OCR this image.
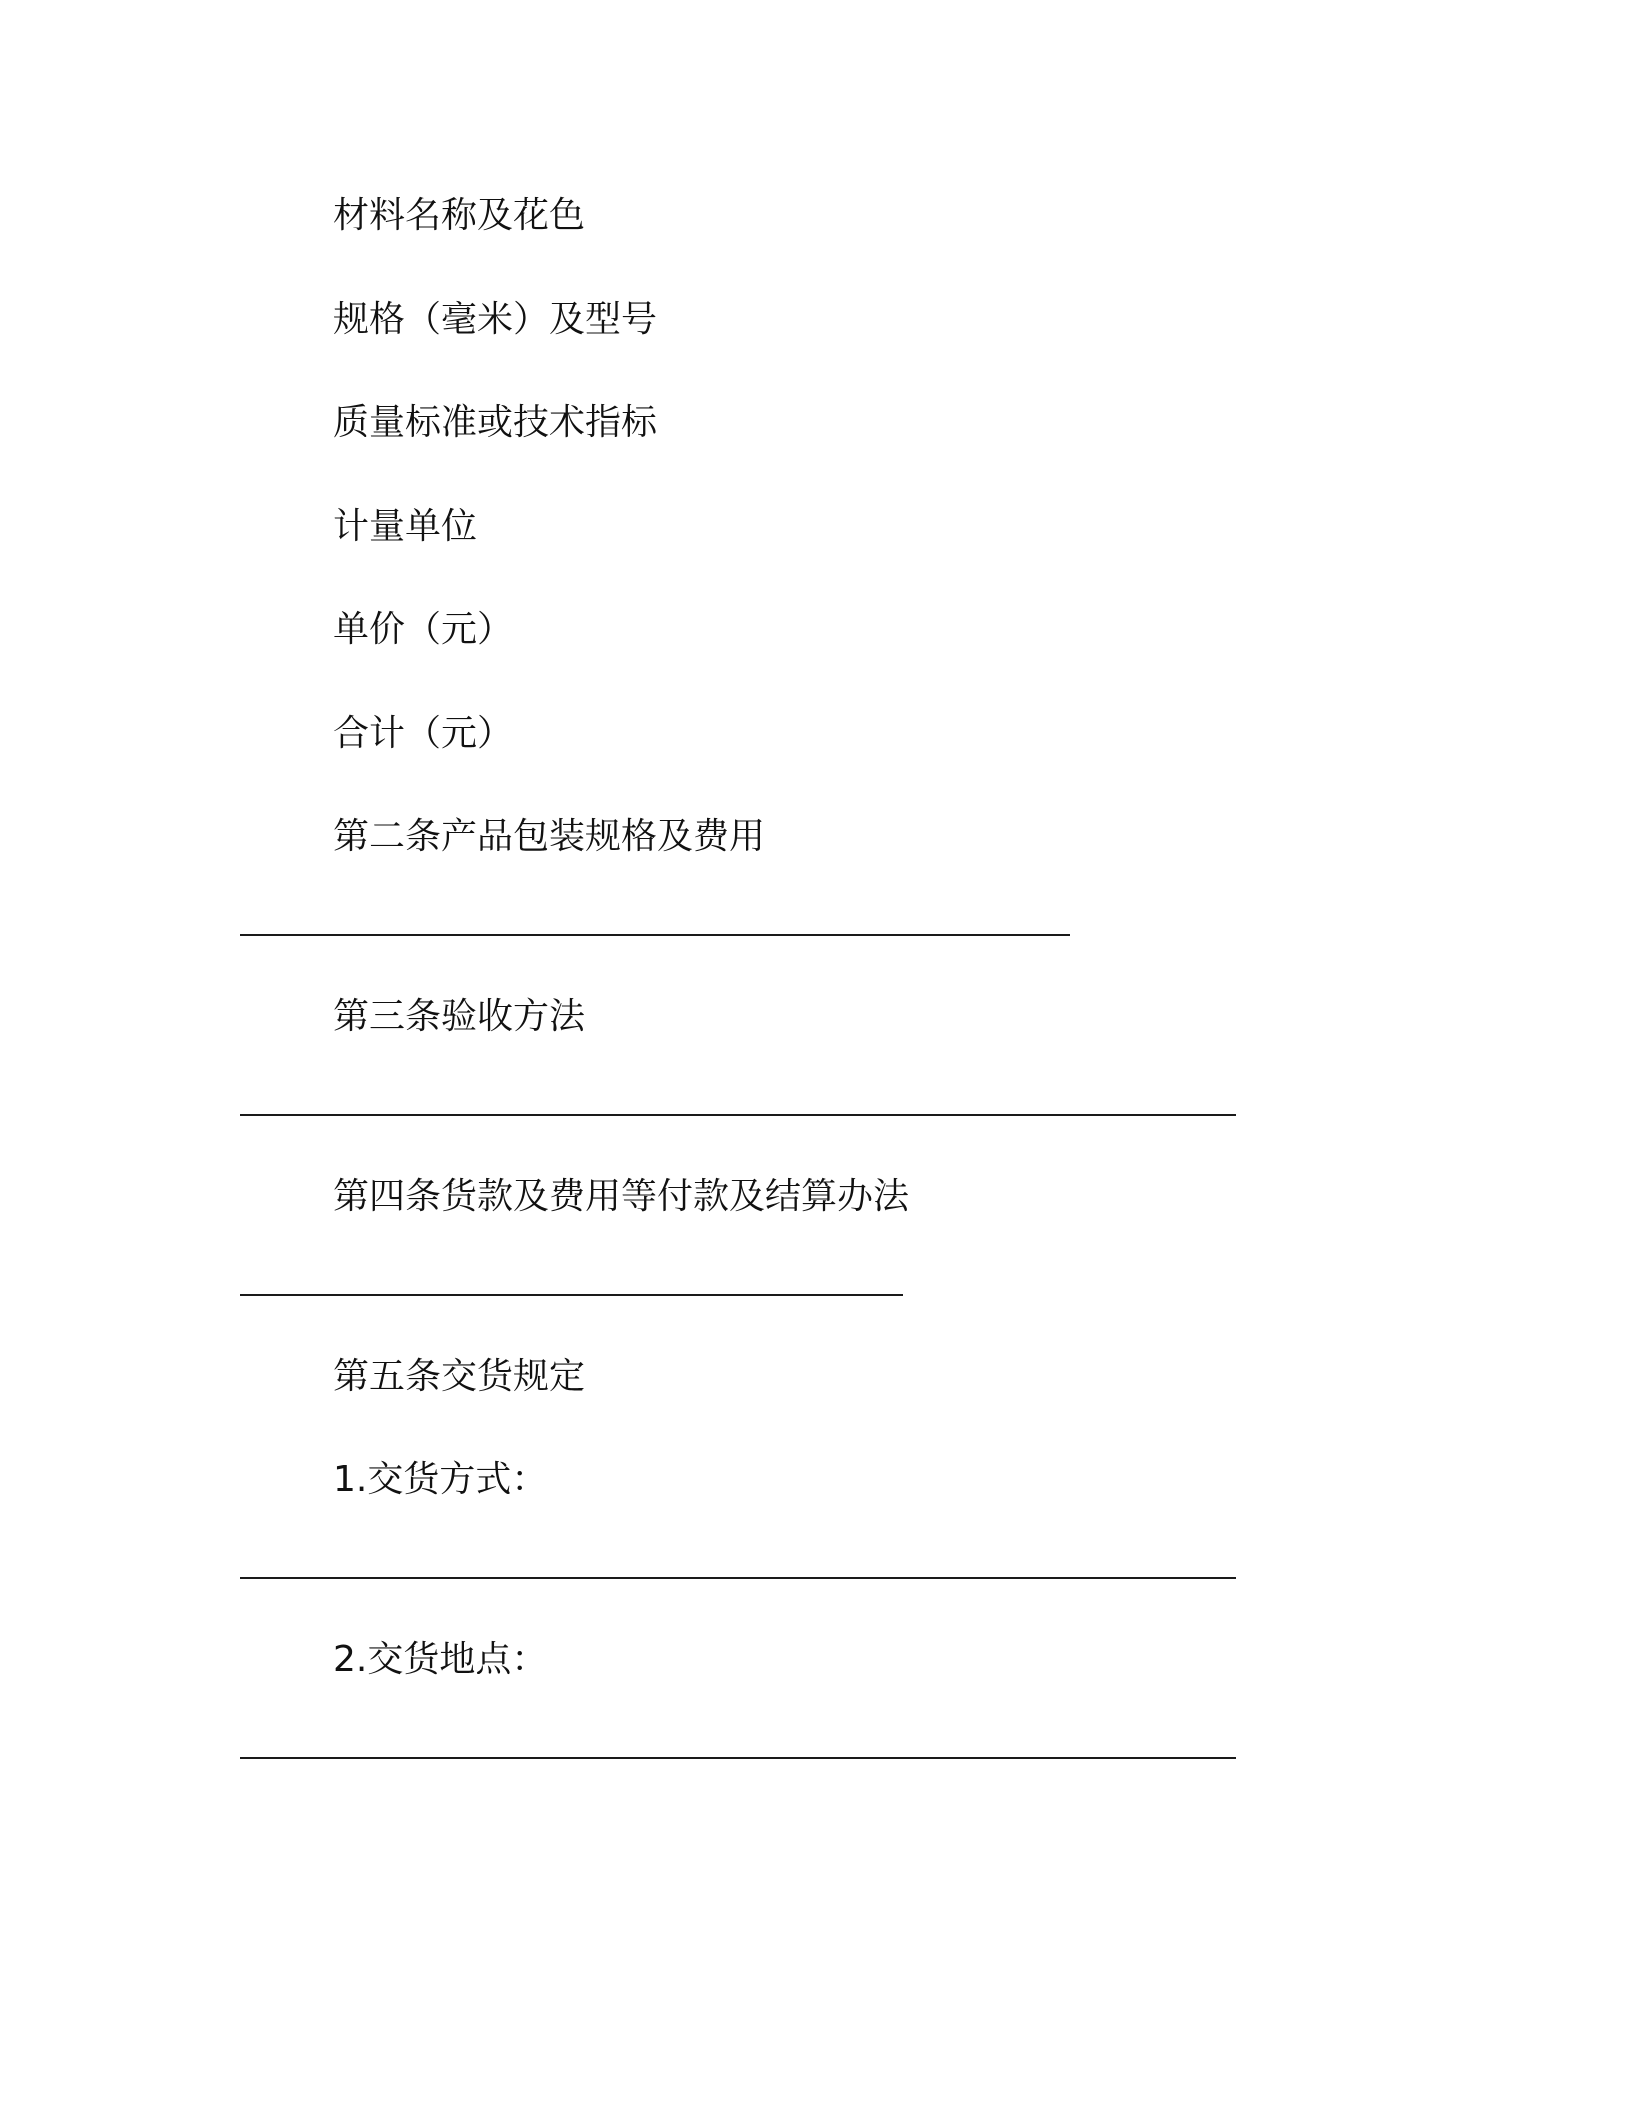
材料名称及花色
规格（毫米）及型号
质量标准或技术指标
计量单位
单价（元）
合计（元）
第二条产品包装规格及费用
第三条验收方法
第四条货款及费用等付款及结算办法
第五条交货规定
1.交货方式：
2.交货地点：
